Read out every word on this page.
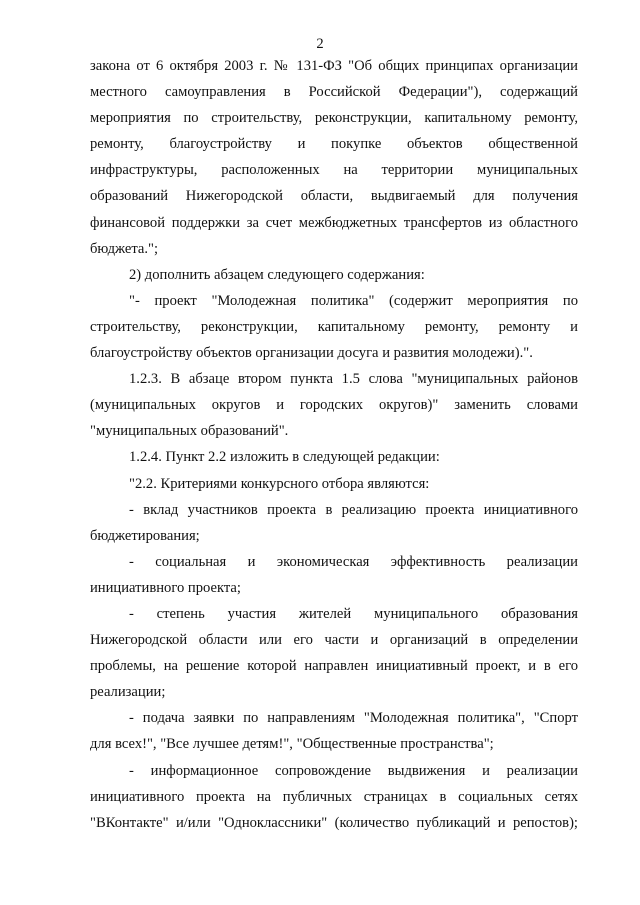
2
закона от 6 октября 2003 г. № 131-ФЗ "Об общих принципах организации
местного самоуправления в Российской Федерации"), содержащий
мероприятия по строительству, реконструкции, капитальному ремонту,
ремонту, благоустройству и покупке объектов общественной
инфраструктуры, расположенных на территории муниципальных
образований Нижегородской области, выдвигаемый для получения
финансовой поддержки за счет межбюджетных трансфертов из областного
бюджета.";
2) дополнить абзацем следующего содержания:
"- проект "Молодежная политика" (содержит мероприятия по
строительству, реконструкции, капитальному ремонту, ремонту и
благоустройству объектов организации досуга и развития молодежи).".
1.2.3. В абзаце втором пункта 1.5 слова "муниципальных районов
(муниципальных округов и городских округов)" заменить словами
"муниципальных образований".
1.2.4. Пункт 2.2 изложить в следующей редакции:
"2.2. Критериями конкурсного отбора являются:
- вклад участников проекта в реализацию проекта инициативного
бюджетирования;
- социальная и экономическая эффективность реализации
инициативного проекта;
- степень участия жителей муниципального образования
Нижегородской области или его части и организаций в определении
проблемы, на решение которой направлен инициативный проект, и в его
реализации;
- подача заявки по направлениям "Молодежная политика", "Спорт
для всех!", "Все лучшее детям!", "Общественные пространства";
- информационное сопровождение выдвижения и реализации
инициативного проекта на публичных страницах в социальных сетях
"ВКонтакте" и/или "Одноклассники" (количество публикаций и репостов);
